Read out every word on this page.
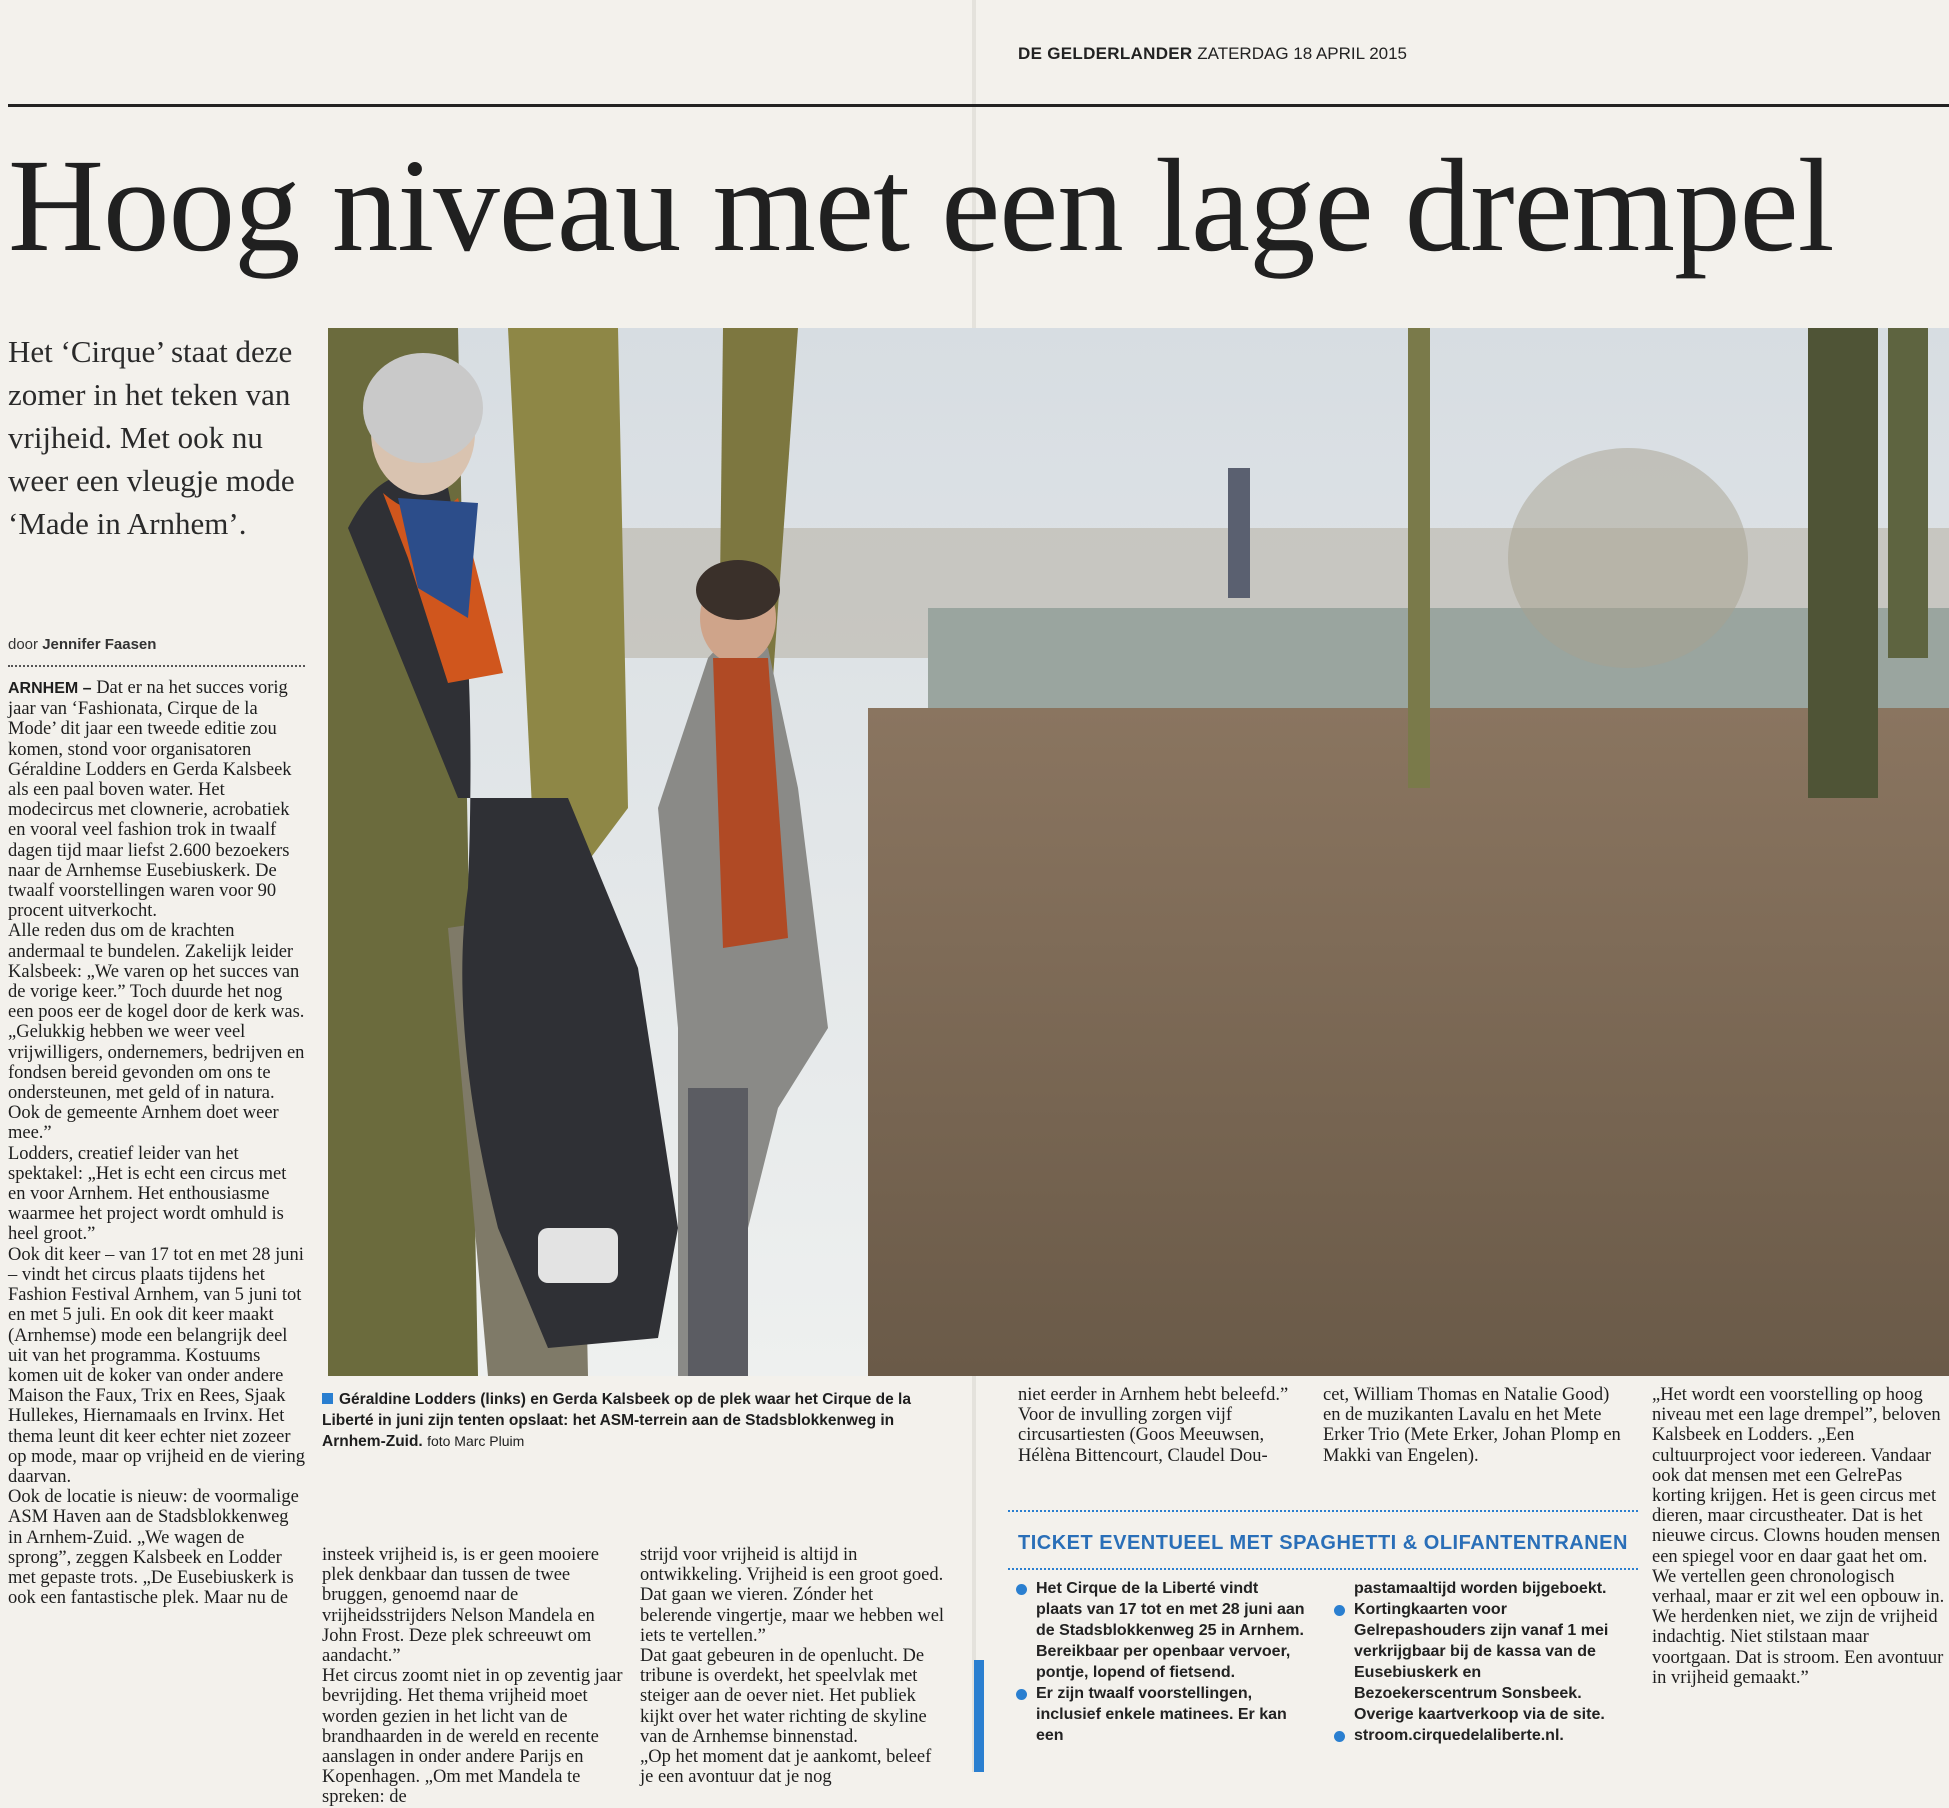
DE GELDERLANDER ZATERDAG 18 APRIL 2015
Hoog niveau met een lage drempel
Het ‘Cirque’ staat deze zomer in het teken van vrijheid. Met ook nu weer een vleugje mode ‘Made in Arnhem’.
door Jennifer Faasen

ARNHEM – Dat er na het succes vorig jaar van ‘Fashionata, Cirque de la Mode’ dit jaar een tweede editie zou komen, stond voor organisatoren Géraldine Lodders en Gerda Kalsbeek als een paal boven water. Het modecircus met clownerie, acrobatiek en vooral veel fashion trok in twaalf dagen tijd maar liefst 2.600 bezoekers naar de Arnhemse Eusebiuskerk. De twaalf voorstellingen waren voor 90 procent uitverkocht.

Alle reden dus om de krachten andermaal te bundelen. Zakelijk leider Kalsbeek: „We varen op het succes van de vorige keer.” Toch duurde het nog een poos eer de kogel door de kerk was. „Gelukkig hebben we weer veel vrijwilligers, ondernemers, bedrijven en fondsen bereid gevonden om ons te ondersteunen, met geld of in natura. Ook de gemeente Arnhem doet weer mee.”

Lodders, creatief leider van het spektakel: „Het is echt een circus met en voor Arnhem. Het enthousiasme waarmee het project wordt omhuld is heel groot.”

Ook dit keer – van 17 tot en met 28 juni – vindt het circus plaats tijdens het Fashion Festival Arnhem, van 5 juni tot en met 5 juli. En ook dit keer maakt (Arnhemse) mode een belangrijk deel uit van het programma. Kostuums komen uit de koker van onder andere Maison the Faux, Trix en Rees, Sjaak Hullekes, Hiernamaals en Irvinx. Het thema leunt dit keer echter niet zozeer op mode, maar op vrijheid en de viering daarvan.

Ook de locatie is nieuw: de voormalige ASM Haven aan de Stadsblokkenweg in Arnhem-Zuid. „We wagen de sprong”, zeggen Kalsbeek en Lodder met gepaste trots. „De Eusebiuskerk is ook een fantastische plek. Maar nu de

Géraldine Lodders (links) en Gerda Kalsbeek op de plek waar het Cirque de la Liberté in juni zijn tenten opslaat: het ASM-terrein aan de Stadsblokkenweg in Arnhem-Zuid. foto Marc Pluim

insteek vrijheid is, is er geen mooiere plek denkbaar dan tussen de twee bruggen, genoemd naar de vrijheidsstrijders Nelson Mandela en John Frost. Deze plek schreeuwt om aandacht.”

Het circus zoomt niet in op zeventig jaar bevrijding. Het thema vrijheid moet worden gezien in het licht van de brandhaarden in de wereld en recente aanslagen in onder andere Parijs en Kopenhagen. „Om met Mandela te spreken: de

strijd voor vrijheid is altijd in ontwikkeling. Vrijheid is een groot goed. Dat gaan we vieren. Zónder het belerende vingertje, maar we hebben wel iets te vertellen.”

Dat gaat gebeuren in de openlucht. De tribune is overdekt, het speelvlak met steiger aan de oever niet. Het publiek kijkt over het water richting de skyline van de Arnhemse binnenstad.

„Op het moment dat je aankomt, beleef je een avontuur dat je nog

niet eerder in Arnhem hebt beleefd.”

Voor de invulling zorgen vijf circusartiesten (Goos Meeuwsen, Hélèna Bittencourt, Claudel Dou-

cet, William Thomas en Natalie Good) en de muzikanten Lavalu en het Mete Erker Trio (Mete Erker, Johan Plomp en Makki van Engelen).

„Het wordt een voorstelling op hoog niveau met een lage drempel”, beloven Kalsbeek en Lodders. „Een cultuurproject voor iedereen. Vandaar ook dat mensen met een GelrePas korting krijgen. Het is geen circus met dieren, maar circustheater. Dat is het nieuwe circus. Clowns houden mensen een spiegel voor en daar gaat het om. We vertellen geen chronologisch verhaal, maar er zit wel een opbouw in. We herdenken niet, we zijn de vrijheid indachtig. Niet stilstaan maar voortgaan. Dat is stroom. Een avontuur in vrijheid gemaakt.”

TICKET EVENTUEEL MET SPAGHETTI & OLIFANTENTRANEN
Het Cirque de la Liberté vindt plaats van 17 tot en met 28 juni aan de Stadsblokkenweg 25 in Arnhem. Bereikbaar per openbaar vervoer, pontje, lopend of fietsend.
Er zijn twaalf voorstellingen, inclusief enkele matinees. Er kan een
pastamaaltijd worden bijgeboekt.
Kortingkaarten voor Gelrepashouders zijn vanaf 1 mei verkrijgbaar bij de kassa van de Eusebiuskerk en Bezoekerscentrum Sonsbeek. Overige kaartverkoop via de site.
stroom.cirquedelaliberte.nl.
